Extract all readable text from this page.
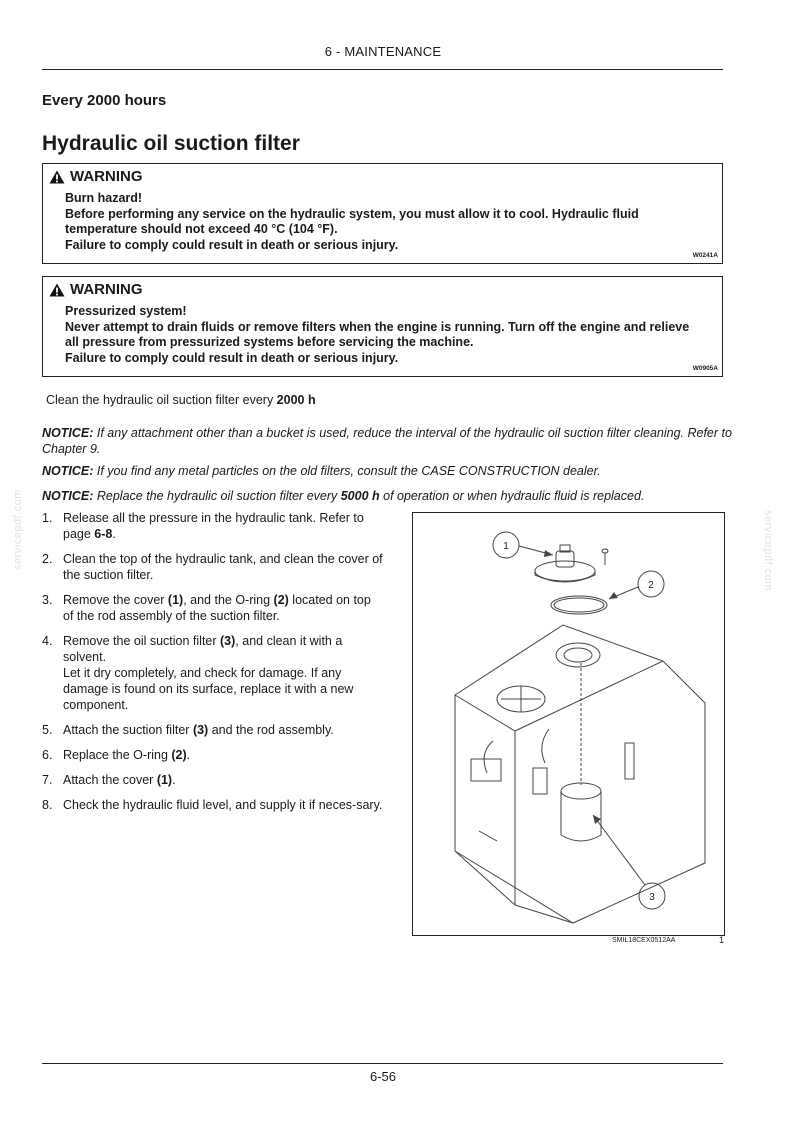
6 - MAINTENANCE
Every 2000 hours
Hydraulic oil suction filter
WARNING
Burn hazard!
Before performing any service on the hydraulic system, you must allow it to cool. Hydraulic fluid temperature should not exceed 40 °C (104 °F).
Failure to comply could result in death or serious injury.
W0241A
WARNING
Pressurized system!
Never attempt to drain fluids or remove filters when the engine is running. Turn off the engine and relieve all pressure from pressurized systems before servicing the machine.
Failure to comply could result in death or serious injury.
W0905A
Clean the hydraulic oil suction filter every 2000 h
NOTICE: If any attachment other than a bucket is used, reduce the interval of the hydraulic oil suction filter cleaning. Refer to Chapter 9.
NOTICE: If you find any metal particles on the old filters, consult the CASE CONSTRUCTION dealer.
NOTICE: Replace the hydraulic oil suction filter every 5000 h of operation or when hydraulic fluid is replaced.
1. Release all the pressure in the hydraulic tank. Refer to page 6-8.
2. Clean the top of the hydraulic tank, and clean the cover of the suction filter.
3. Remove the cover (1), and the O-ring (2) located on top of the rod assembly of the suction filter.
4. Remove the oil suction filter (3), and clean it with a solvent.
Let it dry completely, and check for damage. If any damage is found on its surface, replace it with a new component.
5. Attach the suction filter (3) and the rod assembly.
6. Replace the O-ring (2).
7. Attach the cover (1).
8. Check the hydraulic fluid level, and supply it if neces-sary.
1
2
3
SMIL18CEX0512AA	1
servicepdf.com	servicepdf.com
6-56
